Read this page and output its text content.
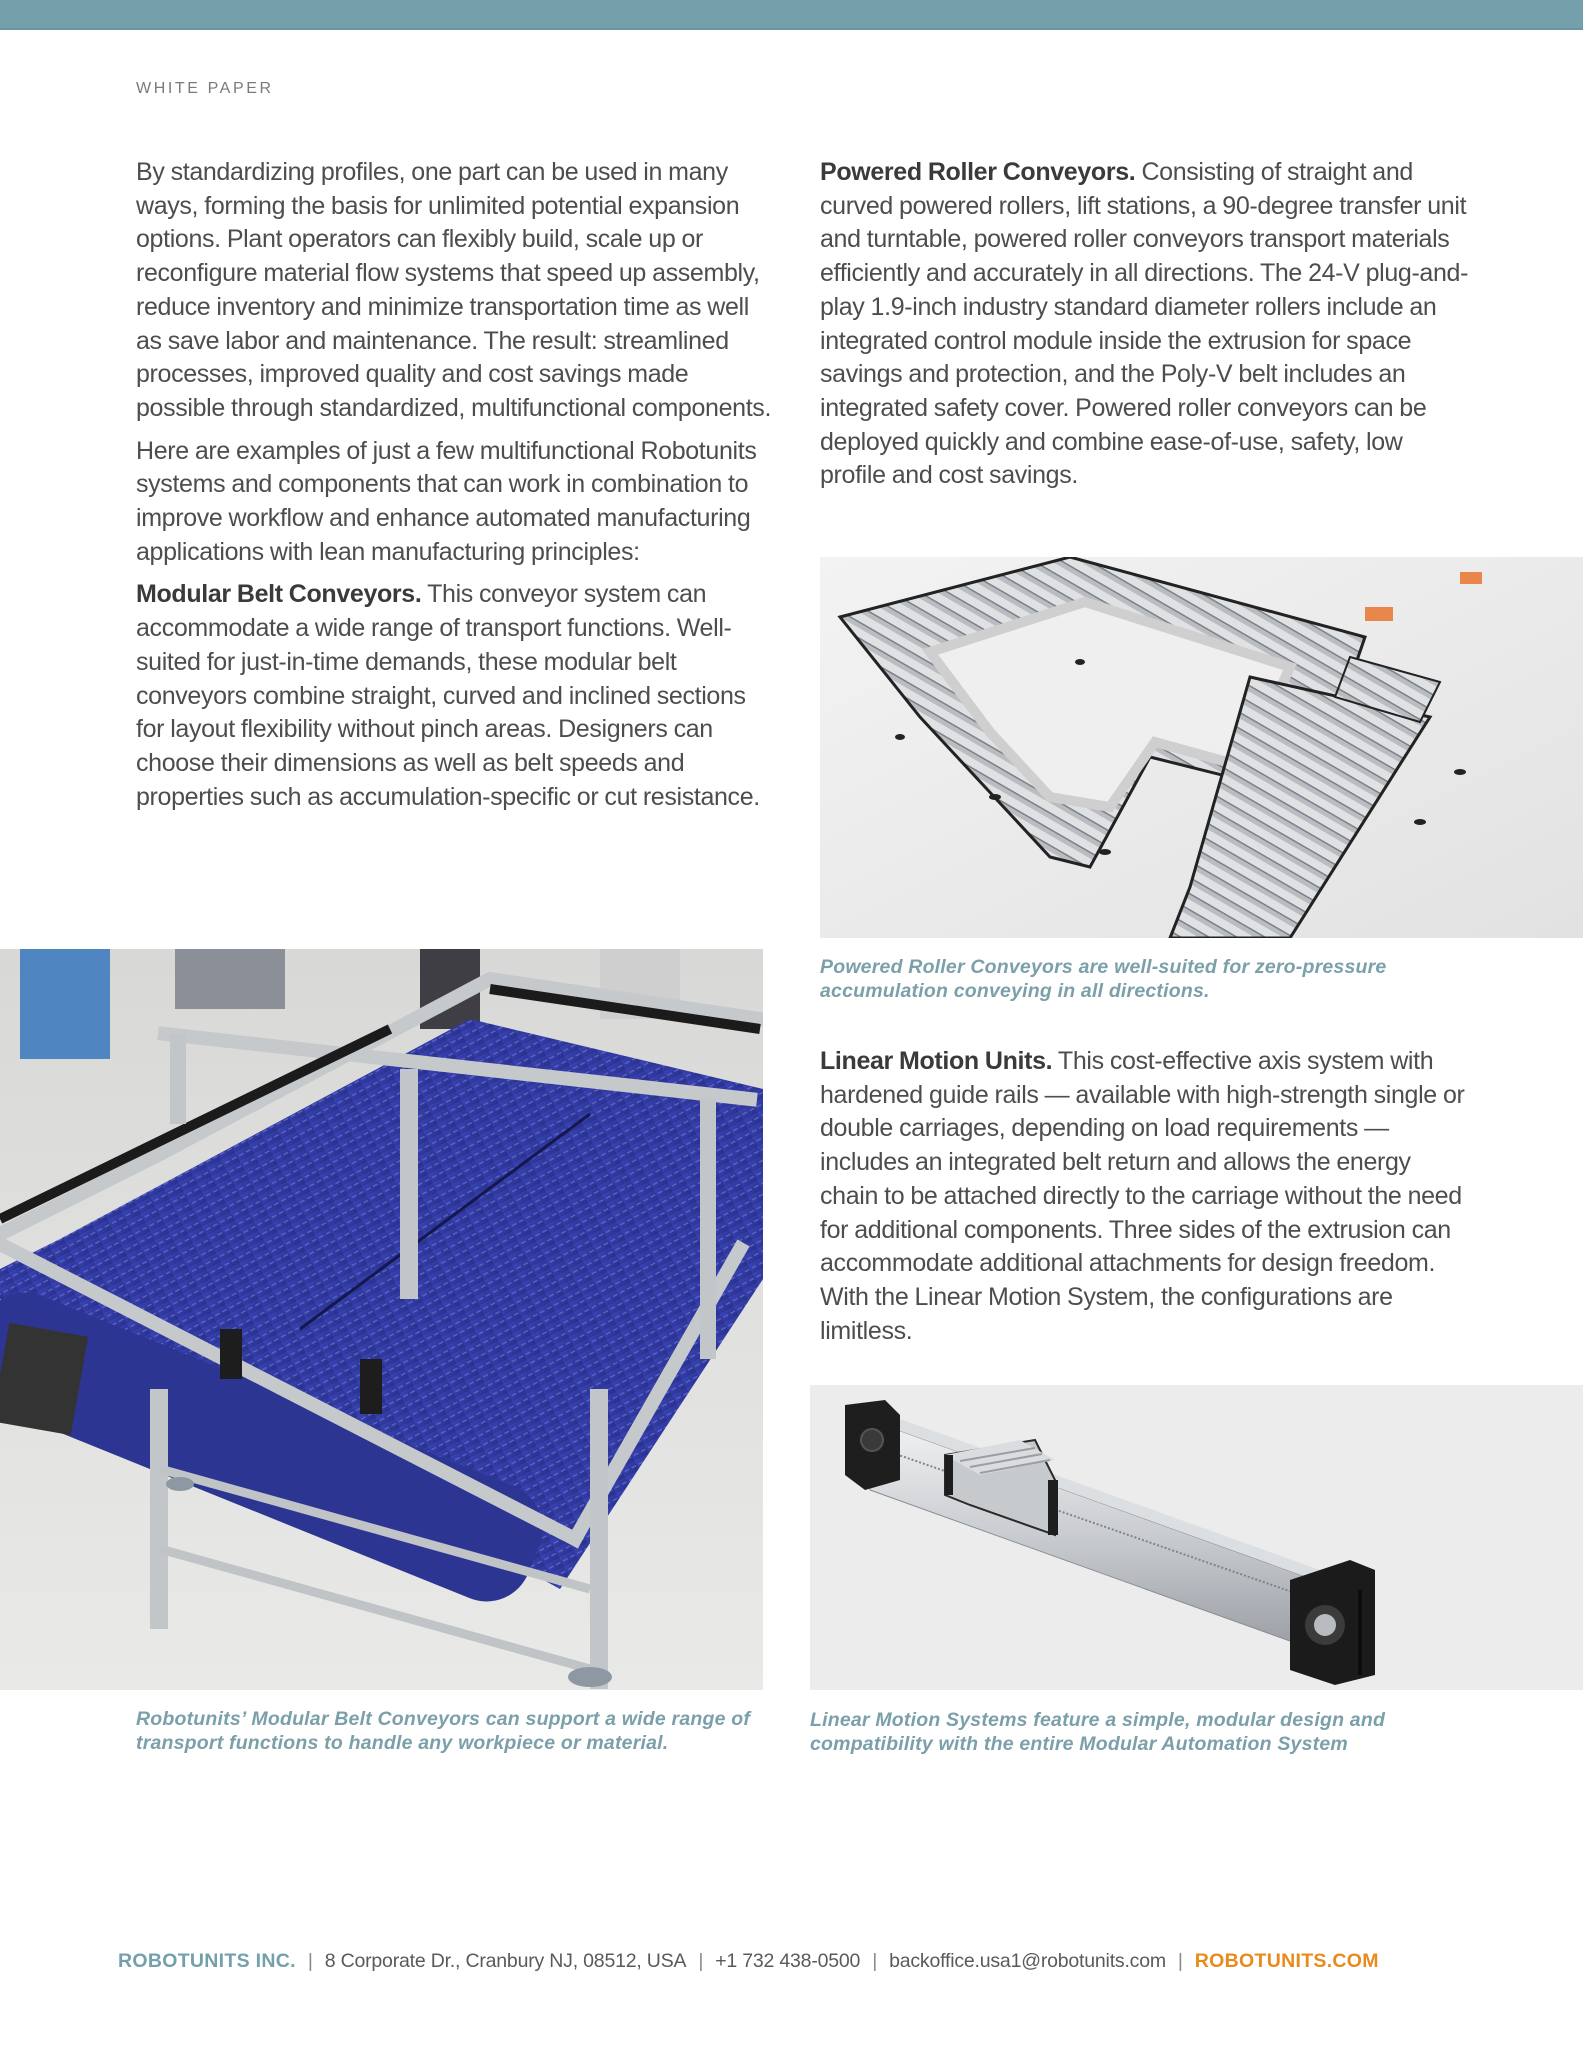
WHITE PAPER

By standardizing profiles, one part can be used in many ways, forming the basis for unlimited potential expansion options. Plant operators can flexibly build, scale up or reconfigure material flow systems that speed up assembly, reduce inventory and minimize transportation time as well as save labor and maintenance. The result: streamlined processes, improved quality and cost savings made possible through standardized, multifunctional components.

Here are examples of just a few multifunctional Robotunits systems and components that can work in combination to improve workflow and enhance automated manufacturing applications with lean manufacturing principles:

Modular Belt Conveyors. This conveyor system can accommodate a wide range of transport functions. Well-suited for just-in-time demands, these modular belt conveyors combine straight, curved and inclined sections for layout flexibility without pinch areas. Designers can choose their dimensions as well as belt speeds and properties such as accumulation-specific or cut resistance.

Powered Roller Conveyors. Consisting of straight and curved powered rollers, lift stations, a 90-degree transfer unit and turntable, powered roller conveyors transport materials efficiently and accurately in all directions. The 24-V plug-and-play 1.9-inch industry standard diameter rollers include an integrated control module inside the extrusion for space savings and protection, and the Poly-V belt includes an integrated safety cover. Powered roller conveyors can be deployed quickly and combine ease-of-use, safety, low profile and cost savings.

Powered Roller Conveyors are well-suited for zero-pressure accumulation conveying in all directions.

Linear Motion Units. This cost-effective axis system with hardened guide rails — available with high-strength single or double carriages, depending on load requirements — includes an integrated belt return and allows the energy chain to be attached directly to the carriage without the need for additional components. Three sides of the extrusion can accommodate additional attachments for design freedom. With the Linear Motion System, the configurations are limitless.

Robotunits’ Modular Belt Conveyors can support a wide range of transport functions to handle any workpiece or material.

Linear Motion Systems feature a simple, modular design and compatibility with the entire Modular Automation System

ROBOTUNITS INC. | 8 Corporate Dr., Cranbury NJ, 08512, USA | +1 732 438-0500 | backoffice.usa1@robotunits.com | ROBOTUNITS.COM
